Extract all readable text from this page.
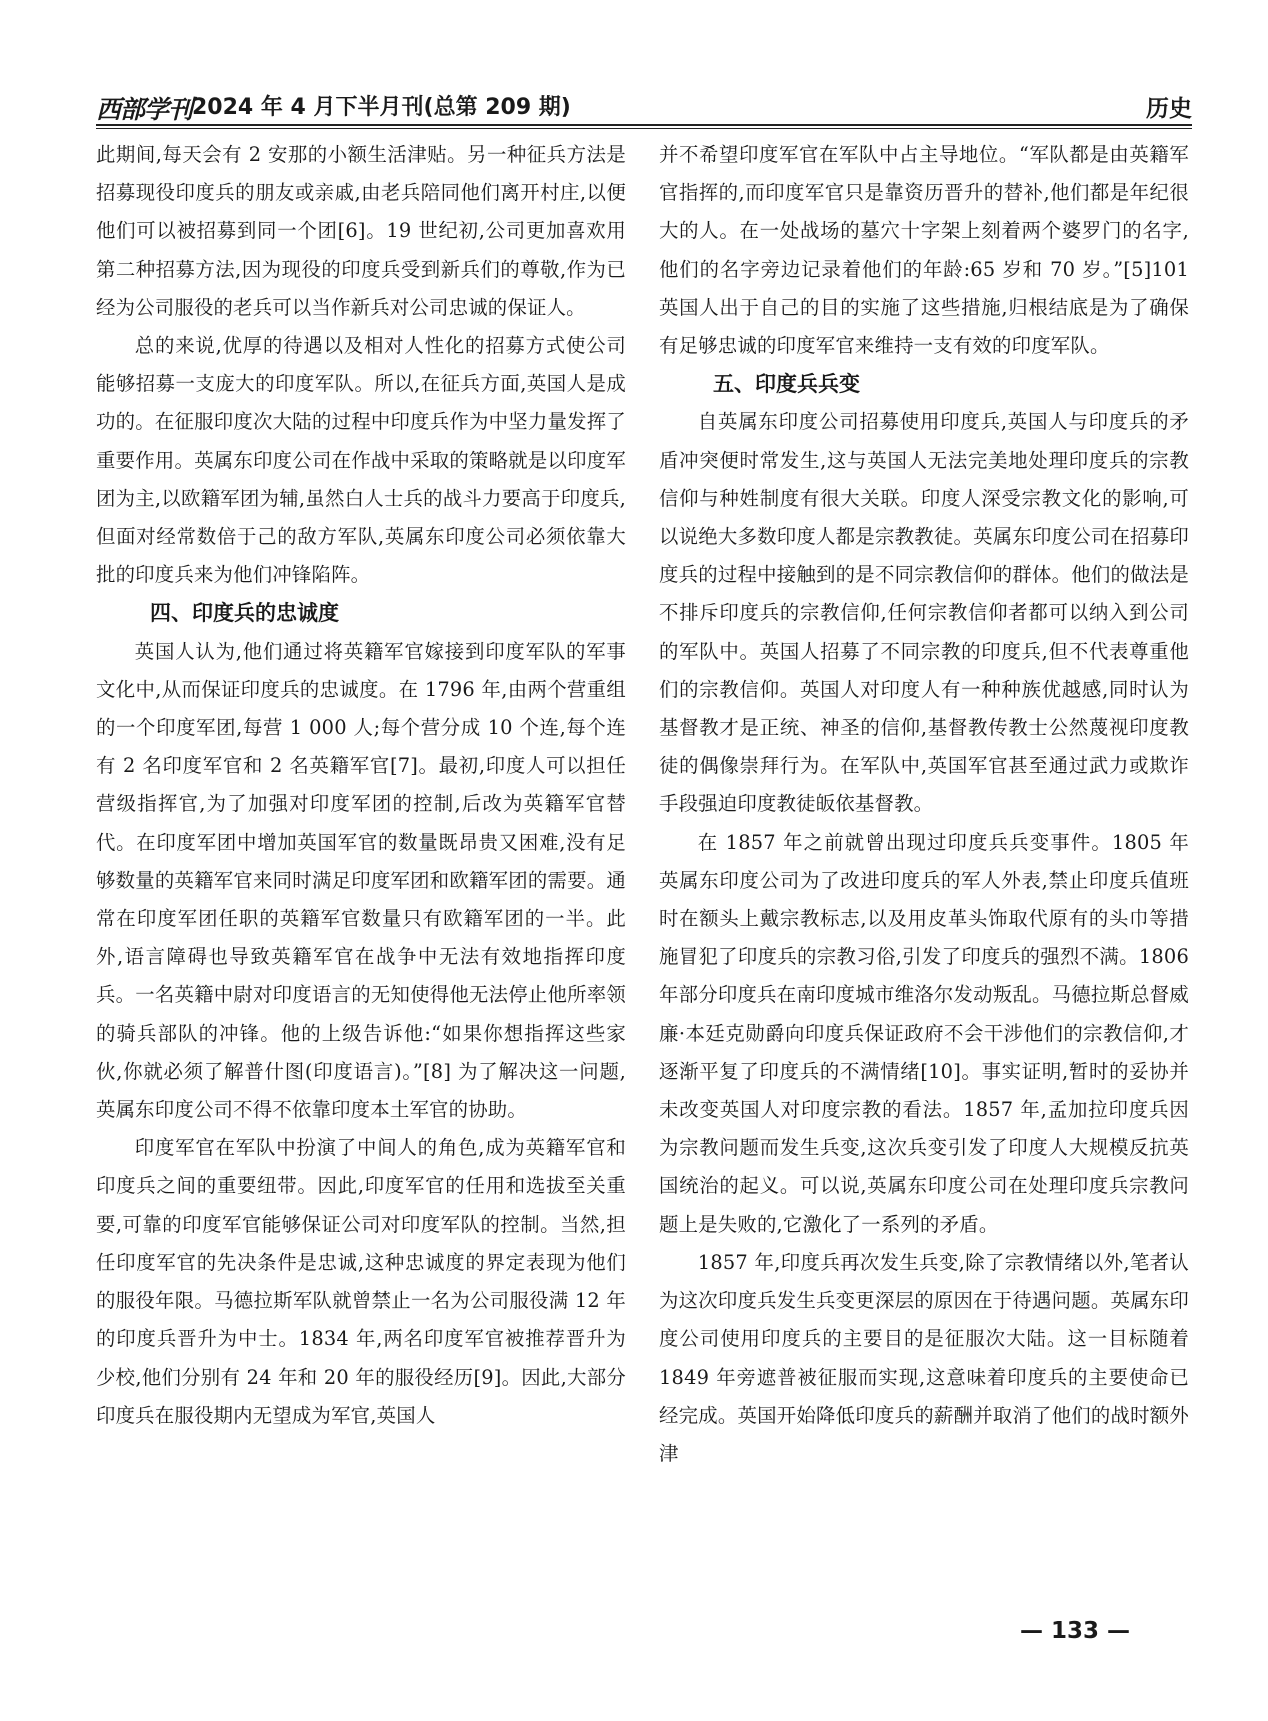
西部学刊 2024 年 4 月下半月刊(总第 209 期)	历史

此期间,每天会有 2 安那的小额生活津贴。另一种征兵方法是招募现役印度兵的朋友或亲戚,由老兵陪同他们离开村庄,以便他们可以被招募到同一个团[6]。19 世纪初,公司更加喜欢用第二种招募方法,因为现役的印度兵受到新兵们的尊敬,作为已经为公司服役的老兵可以当作新兵对公司忠诚的保证人。

总的来说,优厚的待遇以及相对人性化的招募方式使公司能够招募一支庞大的印度军队。所以,在征兵方面,英国人是成功的。在征服印度次大陆的过程中印度兵作为中坚力量发挥了重要作用。英属东印度公司在作战中采取的策略就是以印度军团为主,以欧籍军团为辅,虽然白人士兵的战斗力要高于印度兵,但面对经常数倍于己的敌方军队,英属东印度公司必须依靠大批的印度兵来为他们冲锋陷阵。

四、印度兵的忠诚度

英国人认为,他们通过将英籍军官嫁接到印度军队的军事文化中,从而保证印度兵的忠诚度。在 1796 年,由两个营重组的一个印度军团,每营 1 000 人;每个营分成 10 个连,每个连有 2 名印度军官和 2 名英籍军官[7]。最初,印度人可以担任营级指挥官,为了加强对印度军团的控制,后改为英籍军官替代。在印度军团中增加英国军官的数量既昂贵又困难,没有足够数量的英籍军官来同时满足印度军团和欧籍军团的需要。通常在印度军团任职的英籍军官数量只有欧籍军团的一半。此外,语言障碍也导致英籍军官在战争中无法有效地指挥印度兵。一名英籍中尉对印度语言的无知使得他无法停止他所率领的骑兵部队的冲锋。他的上级告诉他:“如果你想指挥这些家伙,你就必须了解普什图(印度语言)。”[8] 为了解决这一问题,英属东印度公司不得不依靠印度本土军官的协助。

印度军官在军队中扮演了中间人的角色,成为英籍军官和印度兵之间的重要纽带。因此,印度军官的任用和选拔至关重要,可靠的印度军官能够保证公司对印度军队的控制。当然,担任印度军官的先决条件是忠诚,这种忠诚度的界定表现为他们的服役年限。马德拉斯军队就曾禁止一名为公司服役满 12 年的印度兵晋升为中士。1834 年,两名印度军官被推荐晋升为少校,他们分别有 24 年和 20 年的服役经历[9]。因此,大部分印度兵在服役期内无望成为军官,英国人

并不希望印度军官在军队中占主导地位。“军队都是由英籍军官指挥的,而印度军官只是靠资历晋升的替补,他们都是年纪很大的人。在一处战场的墓穴十字架上刻着两个婆罗门的名字,他们的名字旁边记录着他们的年龄:65 岁和 70 岁。”[5]101 英国人出于自己的目的实施了这些措施,归根结底是为了确保有足够忠诚的印度军官来维持一支有效的印度军队。

五、印度兵兵变

自英属东印度公司招募使用印度兵,英国人与印度兵的矛盾冲突便时常发生,这与英国人无法完美地处理印度兵的宗教信仰与种姓制度有很大关联。印度人深受宗教文化的影响,可以说绝大多数印度人都是宗教教徒。英属东印度公司在招募印度兵的过程中接触到的是不同宗教信仰的群体。他们的做法是不排斥印度兵的宗教信仰,任何宗教信仰者都可以纳入到公司的军队中。英国人招募了不同宗教的印度兵,但不代表尊重他们的宗教信仰。英国人对印度人有一种种族优越感,同时认为基督教才是正统、神圣的信仰,基督教传教士公然蔑视印度教徒的偶像崇拜行为。在军队中,英国军官甚至通过武力或欺诈手段强迫印度教徒皈依基督教。

在 1857 年之前就曾出现过印度兵兵变事件。1805 年英属东印度公司为了改进印度兵的军人外表,禁止印度兵值班时在额头上戴宗教标志,以及用皮革头饰取代原有的头巾等措施冒犯了印度兵的宗教习俗,引发了印度兵的强烈不满。1806 年部分印度兵在南印度城市维洛尔发动叛乱。马德拉斯总督威廉·本廷克勋爵向印度兵保证政府不会干涉他们的宗教信仰,才逐渐平复了印度兵的不满情绪[10]。事实证明,暂时的妥协并未改变英国人对印度宗教的看法。1857 年,孟加拉印度兵因为宗教问题而发生兵变,这次兵变引发了印度人大规模反抗英国统治的起义。可以说,英属东印度公司在处理印度兵宗教问题上是失败的,它激化了一系列的矛盾。

1857 年,印度兵再次发生兵变,除了宗教情绪以外,笔者认为这次印度兵发生兵变更深层的原因在于待遇问题。英属东印度公司使用印度兵的主要目的是征服次大陆。这一目标随着 1849 年旁遮普被征服而实现,这意味着印度兵的主要使命已经完成。英国开始降低印度兵的薪酬并取消了他们的战时额外津

— 133 —
